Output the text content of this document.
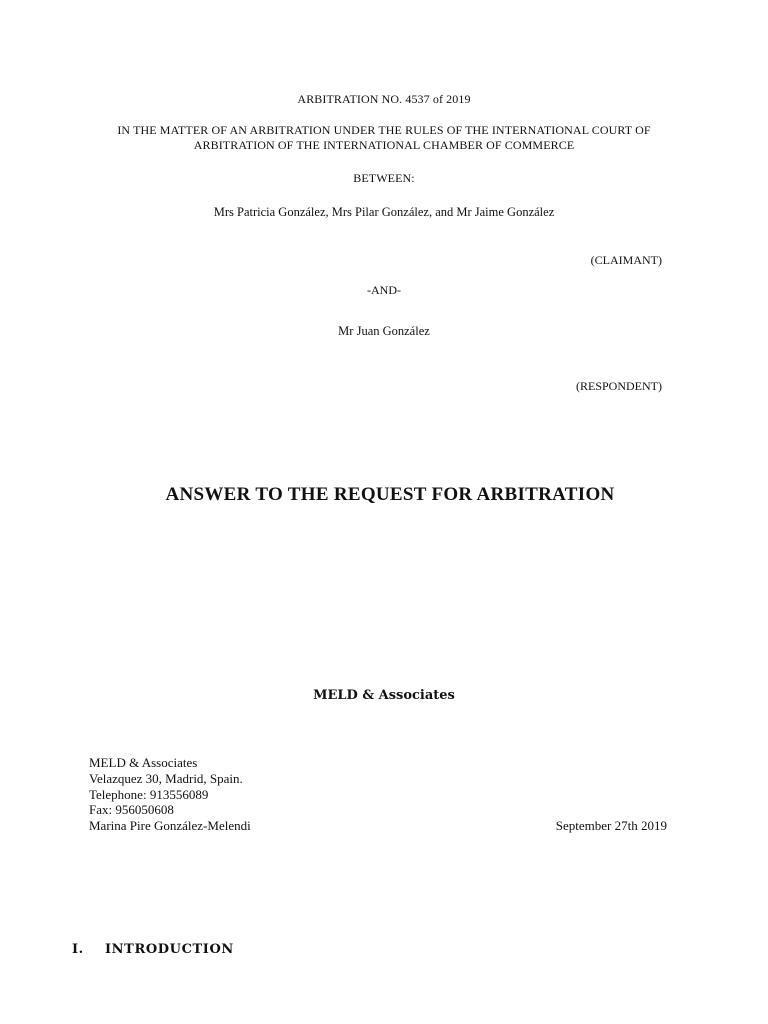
ARBITRATION NO. 4537 of 2019
IN THE MATTER OF AN ARBITRATION UNDER THE RULES OF THE INTERNATIONAL COURT OF
ARBITRATION OF THE INTERNATIONAL CHAMBER OF COMMERCE
BETWEEN:
Mrs Patricia González, Mrs Pilar González, and Mr Jaime González
(CLAIMANT)
-AND-
Mr Juan González
(RESPONDENT)
ANSWER TO THE REQUEST FOR ARBITRATION
MELD & Associates
MELD & Associates
Velazquez 30, Madrid, Spain.
Telephone: 913556089
Fax: 956050608
Marina Pire González-Melendi	September 27th 2019
I. INTRODUCTION
